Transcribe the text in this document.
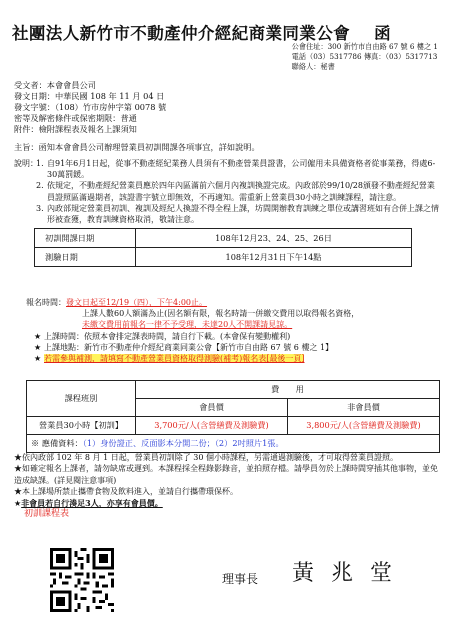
社團法人新竹市不動產仲介經紀商業同業公會 函
公會住址：300 新竹市自由路 67 號 6 樓之 1
電話（03）5317786 傳真：（03）5317713
聯絡人：秘書
受文者：本會會員公司
發文日期：中華民國 108 年 11 月 04 日
發文字號：（108）竹市房仲字第 0078 號
密等及解密條件或保密期限：普通
附件：檢附課程表及報名上課須知
主旨：函知本會會員公司辦理營業員初訓開課各項事宜，詳如說明。
說明：
1. 自91年6月1日起，從事不動產經紀業務人員須有不動產營業員證書，公司僱用未具備資格者從事業務，得處6-30萬罰鍰。
2. 依規定，不動產經紀營業員應於四年內區滿前六個月內複訓換證完成。內政部於99/10/28頒發不動產經紀營業員證照區滿過期者，該證書字號立即無效，不再適知。需重新上營業員30小時之訓練課程，請注意。
3. 內政部規定營業員初訓、複訓及經紀人換證不得全程上課，坊間開辦教育訓練之單位或講習班如有合併上課之情形被查獲，教育訓練資格取消，敬請注意。
初訓開課日期	108年12月23、24、25、26日
測驗日期	108年12月31日下午14點
報名時間：發文日起至12/19（四），下午4:00止。
上課人數60人額滿為止(因名額有限，報名時請一併繳交費用以取得報名資格，
未繳交費用前報名一律不予受理，未達20人不開課請見諒。
★ 上課時間：依照本會排定課表時間，請自行下載。(本會保有變動權利)
★ 上課地點：新竹市不動產仲介經紀商業同業公會【新竹市自由路 67 號 6 樓之 1】
★ 若需參與補測，請填寫不動產營業員資格取得測驗(補考)報名表[最後一頁]
課程班別	費　　用	
	會員價	非會員價
營業員30小時【初訓】	3,700元/人(含營繕費及測驗費)	3,800元/人(含營繕費及測驗費)
※ 應備資料：（1）身份證正、反面影本分開二份；（2）2吋照片1張。		
★依內政部 102 年 8 月 1 日起，營業員初訓除了 30 個小時課程，另需通過測驗後，才可取得營業員證照。
★如確定報名上課者，請勿缺席或遲到。本課程採全程錄影錄音，並拍照存檔。請學員勿於上課時間穿插其他事物，並免造成缺課。(詳見閱注意事項)
★本上課場所禁止攜帶食物及飲料進入，並請自行攜帶環保杯。
★非會員若自行湊足3人，亦享有會員價。
初訓課程表
理事長 黃 兆 堂
